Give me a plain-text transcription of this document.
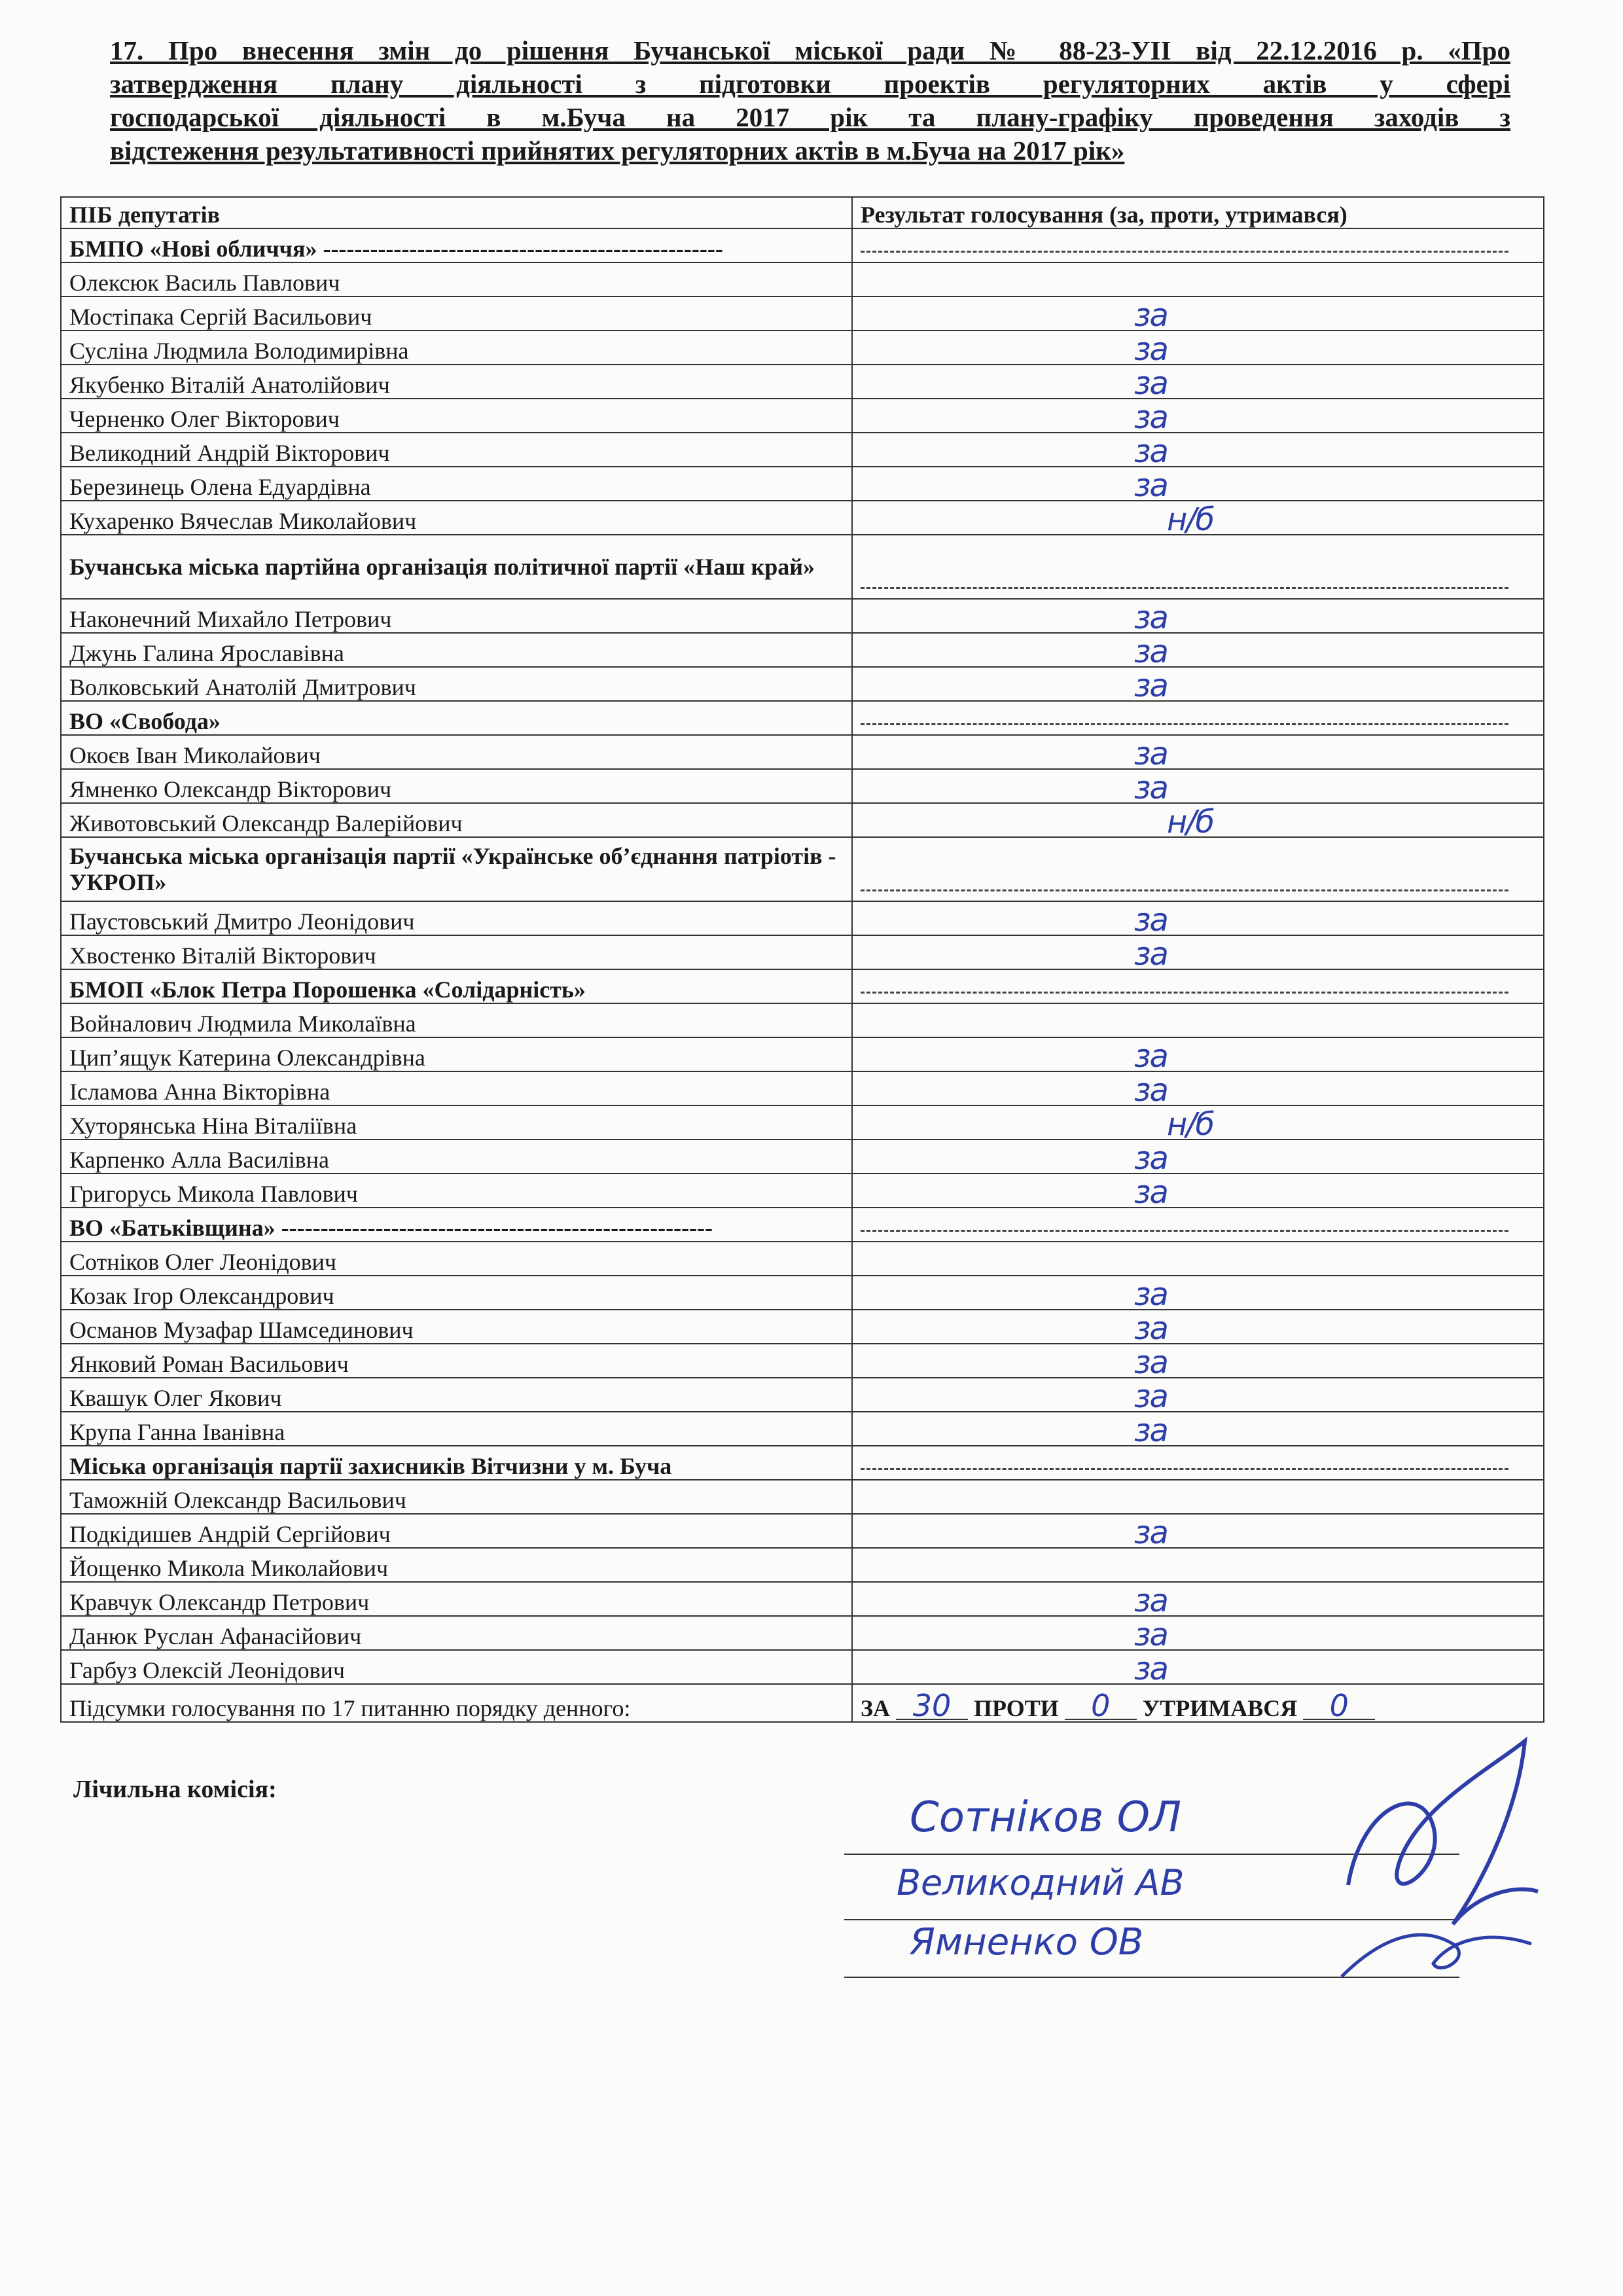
17. Про внесення змін до рішення Бучанської міської ради № 88-23-УІІ від 22.12.2016 р. «Про
затвердження плану діяльності з підготовки проектів регуляторних актів у сфері
господарської діяльності в м.Буча на 2017 рік та плану-графіку проведення заходів з
відстеження результативності прийнятих регуляторних актів в м.Буча на 2017 рік»
ПІБ депутатів	Результат голосування (за, проти, утримався)
БМПО «Нові обличчя» ---------------------------------------------------	

Олексюк Василь Павлович	
Мостіпака Сергій Васильович	за

Сусліна Людмила Володимирівна	за

Якубенко Віталій Анатолійович	за

Черненко Олег Вікторович	за

Великодний Андрій Вікторович	за

Березинець Олена Едуардівна	за

Кухаренко Вячеслав Миколайович	н/б

Бучанська міська партійна організація політичної партії «Наш край»	

Наконечний Михайло Петрович	за

Джунь Галина Ярославівна	за

Волковський Анатолій Дмитрович	за

ВО «Свобода»	

Окоєв Іван Миколайович	за

Ямненко Олександр Вікторович	за

Животовський Олександр Валерійович	н/б

Бучанська міська організація партії «Українське об’єднання патріотів - УКРОП»	

Паустовський Дмитро Леонідович	за

Хвостенко Віталій Вікторович	за

БМОП «Блок Петра Порошенка «Солідарність»	

Войналович Людмила Миколаївна	
Цип’ящук Катерина Олександрівна	за

Ісламова Анна Вікторівна	за

Хуторянська Ніна Віталіївна	н/б

Карпенко Алла Василівна	за

Григорусь Микола Павлович	за

ВО «Батьківщина» -------------------------------------------------------	

Сотніков Олег Леонідович	
Козак Ігор Олександрович	за

Османов Музафар Шамсединович	за

Янковий Роман Васильович	за

Квашук Олег Якович	за

Крупа Ганна Іванівна	за

Міська організація партії захисників Вітчизни у м. Буча	

Таможній Олександр Васильович	
Подкідишев Андрій Сергійович	за

Йощенко Микола Миколайович	
Кравчук Олександр Петрович	за

Данюк Руслан Афанасійович	за

Гарбуз Олексій Леонідович	за

Підсумки голосування по 17 питанню порядку денного:	ЗА 30 ПРОТИ 0 УТРИМАВСЯ 0
Лічильна комісія:
Сотніков ОЛ
Великодний АВ
Ямненко ОВ
